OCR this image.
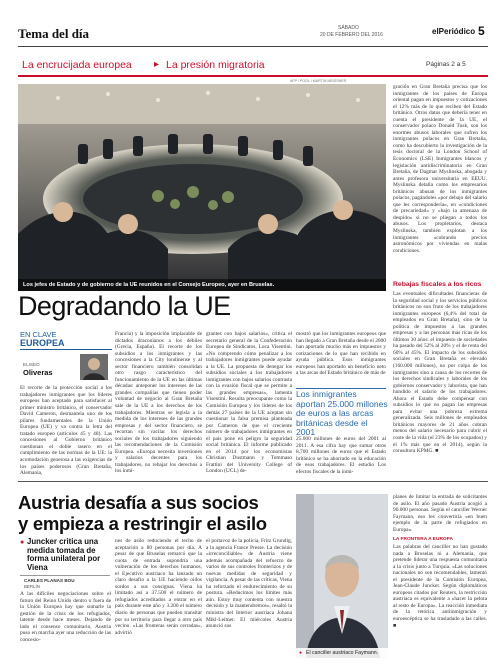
Tema del día	SÁBADO
20 DE FEBRERO DEL 2016	elPeriódico 5
La encrucijada europea ▸ La presión migratoria	Páginas 2 a 5
AFP / POOL / MARTIN MEISSNER
Los jefes de Estado y de gobierno de la UE reunidos en el Consejo Europeo, ayer en Bruselas.
Degradando la UE
EN CLAVE
EUROPEA
ELISEO
Oliveras
El recorte de la protección social a los trabajadores inmigrantes que los líderes europeos han aceptado para satisfacer al primer ministro británico, el conservador David Cameron, desmantela uno de los pilares fundamentales de la Unión Europea (UE) y va contra la letra del tratado europeo (artículos 45 y 48). Las concesiones al Gobierno británico cuestionan el doble rasero en el cumplimiento de las normas de la UE: la acomodación generosa a las exigencias de los países poderosos (Gran Bretaña, Alemania,
Francia) y la imposición implacable de dictados draconianos a los débiles (Grecia, España). El recorte de los subsidios a los inmigrantes y las concesiones a la City londinense y al sector financiero también consolidan otro rasgo característico del funcionamiento de la UE en las últimas décadas: anteponer los intereses de las grandes compañías que tienen poder voluntad de negocio al Gran Bretaña sale de la UE a los derechos de los trabajadores. Mientras se legisla a la medida de los intereses de las grandes empresas y del sector financiero, se recortan sin vacilar los derechos sociales de los trabajadores siguiendo las recomendaciones de la Comisión Europea. «Europa necesita inversiones y salarios decentes para los trabajadores, no rebajar los derechos a los inmi-
grantes con bajos salarios», critica el secretario general de la Confederación Europea de Sindicatos, Luca Visentini. «No comprendo cómo penalizar a los trabajadores inmigrantes puede ayudar a la UE. La propuesta de denegar los subsidios sociales a los trabajadores inmigrantes con bajos salarios contrasta con la evasión fiscal que se permite a las grandes empresas», lamenta Visentini. Resulta preocupante como la Comisión Europea y los líderes de los demás 27 países de la UE aceptan sin cuestionar la falsa premisa planteada por Cameron de que el creciente número de trabajadores inmigrantes en el país pone en peligro la seguridad social británica. El informe publicado en el 2014 por los economistas Christian Dustmann y Tommaso Frattini del University College of London (UCL) de-
mostró que los inmigrantes europeos que han llegado a Gran Bretaña desde el 2000 han aportado mucho más en impuestos y cotizaciones de lo que han recibido en ayuda pública. Esos inmigrantes europeos han aportado un beneficio neto a las arcas del Estado británico de más de
Los inmigrantes aportan 25.000 millones de euros a las arcas británicas desde el 2001
25.000 millones de euros del 2001 al 2011. A esa cifra hay que sumar otros 8.700 millones de euros que el Estado británico se ha ahorrado en la educación de esos trabajadores. El estudio Los efectos fiscales de la inmi-
gración en Gran Bretaña precisa que los inmigrantes de los países de Europa oriental pagan en impuestos y cotizaciones el 12% más de lo que reciben del Estado británico. Otros datos que debería tener en cuenta el presidente de la UE, el conservador polaco Donald Tusk, son los enormes abusos laborales que sufren los inmigrantes polacos en Gran Bretaña, como ha descubierto la investigación de la tesis doctoral de la London School of Economics (LSE) Inmigrantes blancos y legislación antidiscriminatoria en Gran Bretaña, de Dagmar Myslinska, abogada y antes profesora universitaria en EEUU. Myslinska detalla como los empresarios británicos abusan de los inmigrantes polacos, pagándoles «por debajo del salario que les correspondería», en «condiciones de precariedad» y «bajo la amenaza de despido» si no se pliegan a todos los abusos. Los propietarios, destaca Myslinska, también explotan a los inmigrantes «cobrando precios astronómicos por viviendas en malas condiciones.
Rebajas fiscales a los ricos
Las eventuales dificultades financieras de la seguridad social y los servicios públicos británicos no son fruto de los trabajadores inmigrantes europeos (6,4% del total de empleados en Gran Bretaña), sino de la política de impuestos a las grandes empresas y a las personas más ricas de los últimos 30 años: el impuesto de sociedades ha pasado del 52% al 20% y el de renta del 60% al 45%. El impacto de los subsidios sociales en Gran Bretaña es elevado (160.000 millones), no por culpa de los inmigrantes sino a causa de los recortes de los derechos sindicales y laborales de los gobiernos conservador y laborista, que han hundido el salario de los trabajadores. Ahora el Estado debe compensar con subsidios lo que no pagan las empresas para evitar una pobreza extrema generalizada. Seis millones de empleados británicos mayores de 21 años cobran menos del salario necesario para cubrir el coste de la vida (el 23% de los ocupados) y el 1% más que en el 2014), según la consultora KPMG. ■
Austria desafía a sus socios
y empieza a restringir el asilo
● Juncker critica una medida tomada de forma unilateral por Viena
CARLES PLANAS BOU
BERLÍN
A las difíciles negociaciones sobre el futuro del Reino Unido dentro o fuera de la Unión Europea hay que sumarle la gestión de la crisis de los refugiados, latente desde hace meses. Dejando de lado el consenso comunitario, Austria puso en marcha ayer una reducción de las concesio-
nes de asilo reduciendo el techo de aceptación a 80 personas por día. A pesar de que Bruselas remarcó que la cuota de entrada supondría una vulneración de los derechos humanos, el Ejecutivo austriaco ha lanzado un claro desafío a la UE haciendo oídos sordos a sus consignas. Viena ha limitado así a 37.500 el número de refugiados acreditados a entrar en el país durante este año y 3.200 el número diario de personas que pueden transitar por su territorio para llegar a otro país vecino. «Las fronteras serán cerradas», advirtió
el portavoz de la policía, Fritz Grundig, a la agencia France Presse. La decisión «irreconciliable» de Austria viene además acompañada del refuerzo de varios de sus controles fronterizos y de nuevas medidas de seguridad y vigilancia. A pesar de las críticas, Viena ha reforzado el endurecimiento de su postura. «Reducimos los límites más aún. Estoy muy contenta con nuestra decisión y la mantendremos», resaltó la ministra del Interior austriaca Johana Mikl-Leitner. El miércoles Austria anunció sus
● El canciller austriaco Faymann.
planes de limitar la entrada de solicitantes de asilo. El año pasado Austria acogió a 90.000 personas. Según el canciller Werner Faymann, eso les convertiría «en buen ejemplo de la parte de refugiados en Europa».
LA FRONTERA A EUROPA
Las palabras del canciller no han gustado nada a Bruselas ni a Alemania, que pretende liderar una respuesta comunitaria a la crisis junto a Turquía. «Las soluciones nacionales no son recomendables, lamentó el presidente de la Comisión Europea, Jean-Claude Juncker. Según diplomáticos europeos citados por Reuters, la restricción austriaca es equivalente a «hacer la pelota al resto de Europa». La reacción inmediata de la retórica antiinmigración y euroescéptica se ha trasladado a las calles. ■
